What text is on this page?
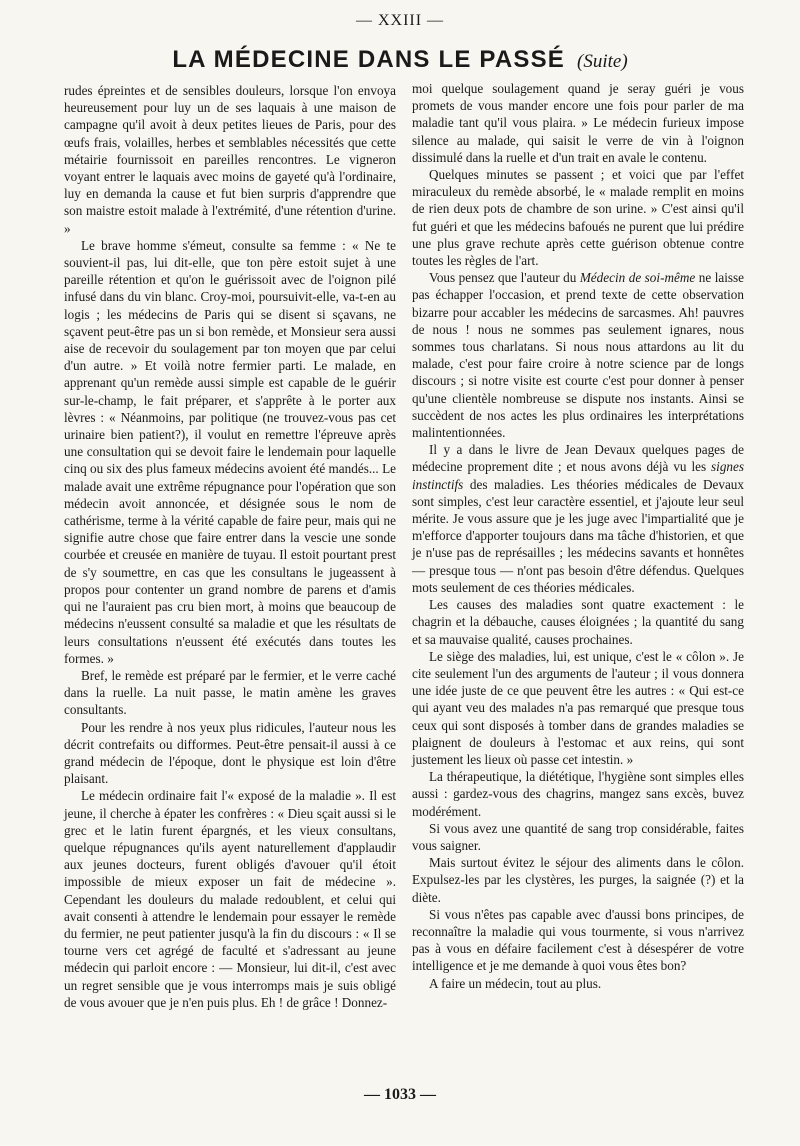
— XXIII —
LA MÉDECINE DANS LE PASSÉ (Suite)

rudes épreintes et de sensibles douleurs, lorsque l'on envoya heureusement pour luy un de ses laquais à une maison de campagne qu'il avoit à deux petites lieues de Paris, pour des œufs frais, volailles, herbes et semblables nécessités que cette métairie fournissoit en pareilles rencontres. Le vigneron voyant entrer le laquais avec moins de gayeté qu'à l'ordinaire, luy en demanda la cause et fut bien surpris d'apprendre que son maistre estoit malade à l'extrémité, d'une rétention d'urine. »

Le brave homme s'émeut, consulte sa femme : « Ne te souvient-il pas, lui dit-elle, que ton père estoit sujet à une pareille rétention et qu'on le guérissoit avec de l'oignon pilé infusé dans du vin blanc. Croy-moi, poursuivit-elle, va-t-en au logis ; les médecins de Paris qui se disent si sçavans, ne sçavent peut-être pas un si bon remède, et Monsieur sera aussi aise de recevoir du soulagement par ton moyen que par celui d'un autre. » Et voilà notre fermier parti. Le malade, en apprenant qu'un remède aussi simple est capable de le guérir sur-le-champ, le fait préparer, et s'apprête à le porter aux lèvres : « Néanmoins, par politique (ne trouvez-vous pas cet urinaire bien patient?), il voulut en remettre l'épreuve après une consultation qui se devoit faire le lendemain pour laquelle cinq ou six des plus fameux médecins avoient été mandés... Le malade avait une extrême répugnance pour l'opération que son médecin avoit annoncée, et désignée sous le nom de cathérisme, terme à la vérité capable de faire peur, mais qui ne signifie autre chose que faire entrer dans la vescie une sonde courbée et creusée en manière de tuyau. Il estoit pourtant prest de s'y soumettre, en cas que les consultans le jugeassent à propos pour contenter un grand nombre de parens et d'amis qui ne l'auraient pas cru bien mort, à moins que beaucoup de médecins n'eussent consulté sa maladie et que les résultats de leurs consultations n'eussent été exécutés dans toutes les formes. »

Bref, le remède est préparé par le fermier, et le verre caché dans la ruelle. La nuit passe, le matin amène les graves consultants.

Pour les rendre à nos yeux plus ridicules, l'auteur nous les décrit contrefaits ou difformes. Peut-être pensait-il aussi à ce grand médecin de l'époque, dont le physique est loin d'être plaisant.

Le médecin ordinaire fait l'« exposé de la maladie ». Il est jeune, il cherche à épater les confrères : « Dieu sçait aussi si le grec et le latin furent épargnés, et les vieux consultans, quelque répugnances qu'ils ayent naturellement d'applaudir aux jeunes docteurs, furent obligés d'avouer qu'il étoit impossible de mieux exposer un fait de médecine ». Cependant les douleurs du malade redoublent, et celui qui avait consenti à attendre le lendemain pour essayer le remède du fermier, ne peut patienter jusqu'à la fin du discours : « Il se tourne vers cet agrégé de faculté et s'adressant au jeune médecin qui parloit encore : — Monsieur, lui dit-il, c'est avec un regret sensible que je vous interromps mais je suis obligé de vous avouer que je n'en puis plus. Eh ! de grâce ! Donnez-

moi quelque soulagement quand je seray guéri je vous promets de vous mander encore une fois pour parler de ma maladie tant qu'il vous plaira. » Le médecin furieux impose silence au malade, qui saisit le verre de vin à l'oignon dissimulé dans la ruelle et d'un trait en avale le contenu.

Quelques minutes se passent ; et voici que par l'effet miraculeux du remède absorbé, le « malade remplit en moins de rien deux pots de chambre de son urine. » C'est ainsi qu'il fut guéri et que les médecins bafoués ne purent que lui prédire une plus grave rechute après cette guérison obtenue contre toutes les règles de l'art.

Vous pensez que l'auteur du Médecin de soi-même ne laisse pas échapper l'occasion, et prend texte de cette observation bizarre pour accabler les médecins de sarcasmes. Ah! pauvres de nous ! nous ne sommes pas seulement ignares, nous sommes tous charlatans. Si nous nous attardons au lit du malade, c'est pour faire croire à notre science par de longs discours ; si notre visite est courte c'est pour donner à penser qu'une clientèle nombreuse se dispute nos instants. Ainsi se succèdent de nos actes les plus ordinaires les interprétations malintentionnées.

Il y a dans le livre de Jean Devaux quelques pages de médecine proprement dite ; et nous avons déjà vu les signes instinctifs des maladies. Les théories médicales de Devaux sont simples, c'est leur caractère essentiel, et j'ajoute leur seul mérite. Je vous assure que je les juge avec l'impartialité que je m'efforce d'apporter toujours dans ma tâche d'historien, et que je n'use pas de représailles ; les médecins savants et honnêtes — presque tous — n'ont pas besoin d'être défendus. Quelques mots seulement de ces théories médicales.

Les causes des maladies sont quatre exactement : le chagrin et la débauche, causes éloignées ; la quantité du sang et sa mauvaise qualité, causes prochaines.

Le siège des maladies, lui, est unique, c'est le « côlon ». Je cite seulement l'un des arguments de l'auteur ; il vous donnera une idée juste de ce que peuvent être les autres : « Qui est-ce qui ayant veu des malades n'a pas remarqué que presque tous ceux qui sont disposés à tomber dans de grandes maladies se plaignent de douleurs à l'estomac et aux reins, qui sont justement les lieux où passe cet intestin. »

La thérapeutique, la diététique, l'hygiène sont simples elles aussi : gardez-vous des chagrins, mangez sans excès, buvez modérément.

Si vous avez une quantité de sang trop considérable, faites vous saigner.

Mais surtout évitez le séjour des aliments dans le côlon. Expulsez-les par les clystères, les purges, la saignée (?) et la diète.

Si vous n'êtes pas capable avec d'aussi bons principes, de reconnaître la maladie qui vous tourmente, si vous n'arrivez pas à vous en défaire facilement c'est à désespérer de votre intelligence et je me demande à quoi vous êtes bon?

A faire un médecin, tout au plus.

— 1033 —
